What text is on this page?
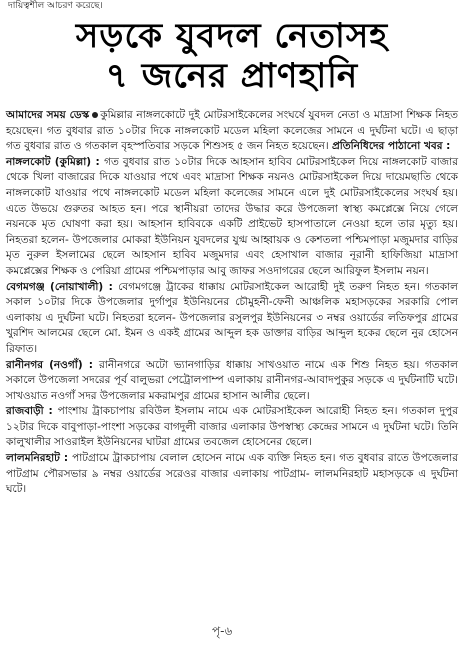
দায়িত্বশীল আচরণ করেছে।
সড়কে যুবদল নেতাসহ
৭ জনের প্রাণহানি

আমাদের সময় ডেস্ক কুমিল্লার নাঙ্গলকোটে দুই মোটরসাইকেলের সংঘর্ষে যুবদল নেতা ও মাদ্রাসা শিক্ষক নিহত হয়েছেন। গত বুধবার রাত ১০টার দিকে নাঙ্গলকোট মডেল মহিলা কলেজের সামনে এ দুর্ঘটনা ঘটে। এ ছাড়া গত বুধবার রাত ও গতকাল বৃহস্পতিবার সড়কে শিশুসহ ৫ জন নিহত হয়েছেন। প্রতিনিধিদের পাঠানো খবর :

নাঙ্গলকোট (কুমিল্লা) : গত বুধবার রাত ১০টার দিকে আহসান হাবিব মোটরসাইকেল দিয়ে নাঙ্গলকোট বাজার থেকে খিলা বাজারের দিকে যাওয়ার পথে এবং মাদ্রাসা শিক্ষক নয়নও মোটরসাইকেল দিয়ে দায়েমছাতি থেকে নাঙ্গলকোট যাওয়ার পথে নাঙ্গলকোট মডেল মহিলা কলেজের সামনে এলে দুই মোটরসাইকেলের সংঘর্ষ হয়। এতে উভয়ে গুরুতর আহত হন। পরে স্থানীয়রা তাদের উদ্ধার করে উপজেলা স্বাস্থ্য কমপ্লেক্সে নিয়ে গেলে নয়নকে মৃত ঘোষণা করা হয়। আহসান হাবিবকে একটি প্রাইভেট হাসপাতালে নেওয়া হলে তার মৃত্যু হয়। নিহতরা হলেন- উপজেলার মোকরা ইউনিয়ন যুবদলের যুগ্ম আহ্বায়ক ও কেশতলা পশ্চিমপাড়া মজুমদার বাড়ির মৃত নুরুল ইসলামের ছেলে আহসান হাবিব মজুমদার এবং হেসাখাল বাজার নূরানী হাফিজিয়া মাদ্রাসা কমপ্লেক্সের শিক্ষক ও পেরিয়া গ্রামের পশ্চিমপাড়ার আবু জাফর সওদাগরের ছেলে আরিফুল ইসলাম নয়ন।

বেগমগঞ্জ (নোয়াখালী) : বেগমগঞ্জে ট্রাকের ধাক্কায় মোটরসাইকেল আরোহী দুই তরুণ নিহত হন। গতকাল সকাল ১০টার দিকে উপজেলার দুর্গাপুর ইউনিয়নের চৌমুহনী-ফেনী আঞ্চলিক মহাসড়কের সরকারি পোল এলাকায় এ দুর্ঘটনা ঘটে। নিহতরা হলেন- উপজেলার রসুলপুর ইউনিয়নের ৩ নম্বর ওয়ার্ডের লতিফপুর গ্রামের খুরশিদ আলমের ছেলে মো. ইমন ও একই গ্রামের আব্দুল হক ডাক্তার বাড়ির আব্দুল হকের ছেলে নুর হোসেন রিফাত।

রানীনগর (নওগাঁ) : রানীনগরে অটো ভ্যানগাড়ির ধাক্কায় সাখওয়াত নামে এক শিশু নিহত হয়। গতকাল সকালে উপজেলা সদরের পূর্ব বালুভরা পেট্রোলপাম্প এলাকায় রানীনগর-আবাদপুকুর সড়কে এ দুর্ঘটনাটি ঘটে। সাখওয়াত নওগাঁ সদর উপজেলার মকরামপুর গ্রামের হাসান আলীর ছেলে।

রাজবাড়ী : পাংশায় ট্রাকচাপায় রবিউল ইসলাম নামে এক মোটরসাইকেল আরোহী নিহত হন। গতকাল দুপুর ১২টার দিকে বাবুপাড়া-পাংশা সড়কের বাগদুলী বাজার এলাকার উপস্বাস্থ্য কেন্দ্রের সামনে এ দুর্ঘটনা ঘটে। তিনি কালুখালীর সাওরাইল ইউনিয়নের ঘাটরা গ্রামের তবজেল হোসেনের ছেলে।

লালমনিরহাট : পাটগ্রামে ট্রাকচাপায় বেলাল হোসেন নামে এক ব্যক্তি নিহত হন। গত বুধবার রাতে উপজেলার পাটগ্রাম পৌরসভার ৯ নম্বর ওয়ার্ডের সরেওর বাজার এলাকায় পাটগ্রাম- লালমনিরহাট মহাসড়কে এ দুর্ঘটনা ঘটে।

পৃ-৬
